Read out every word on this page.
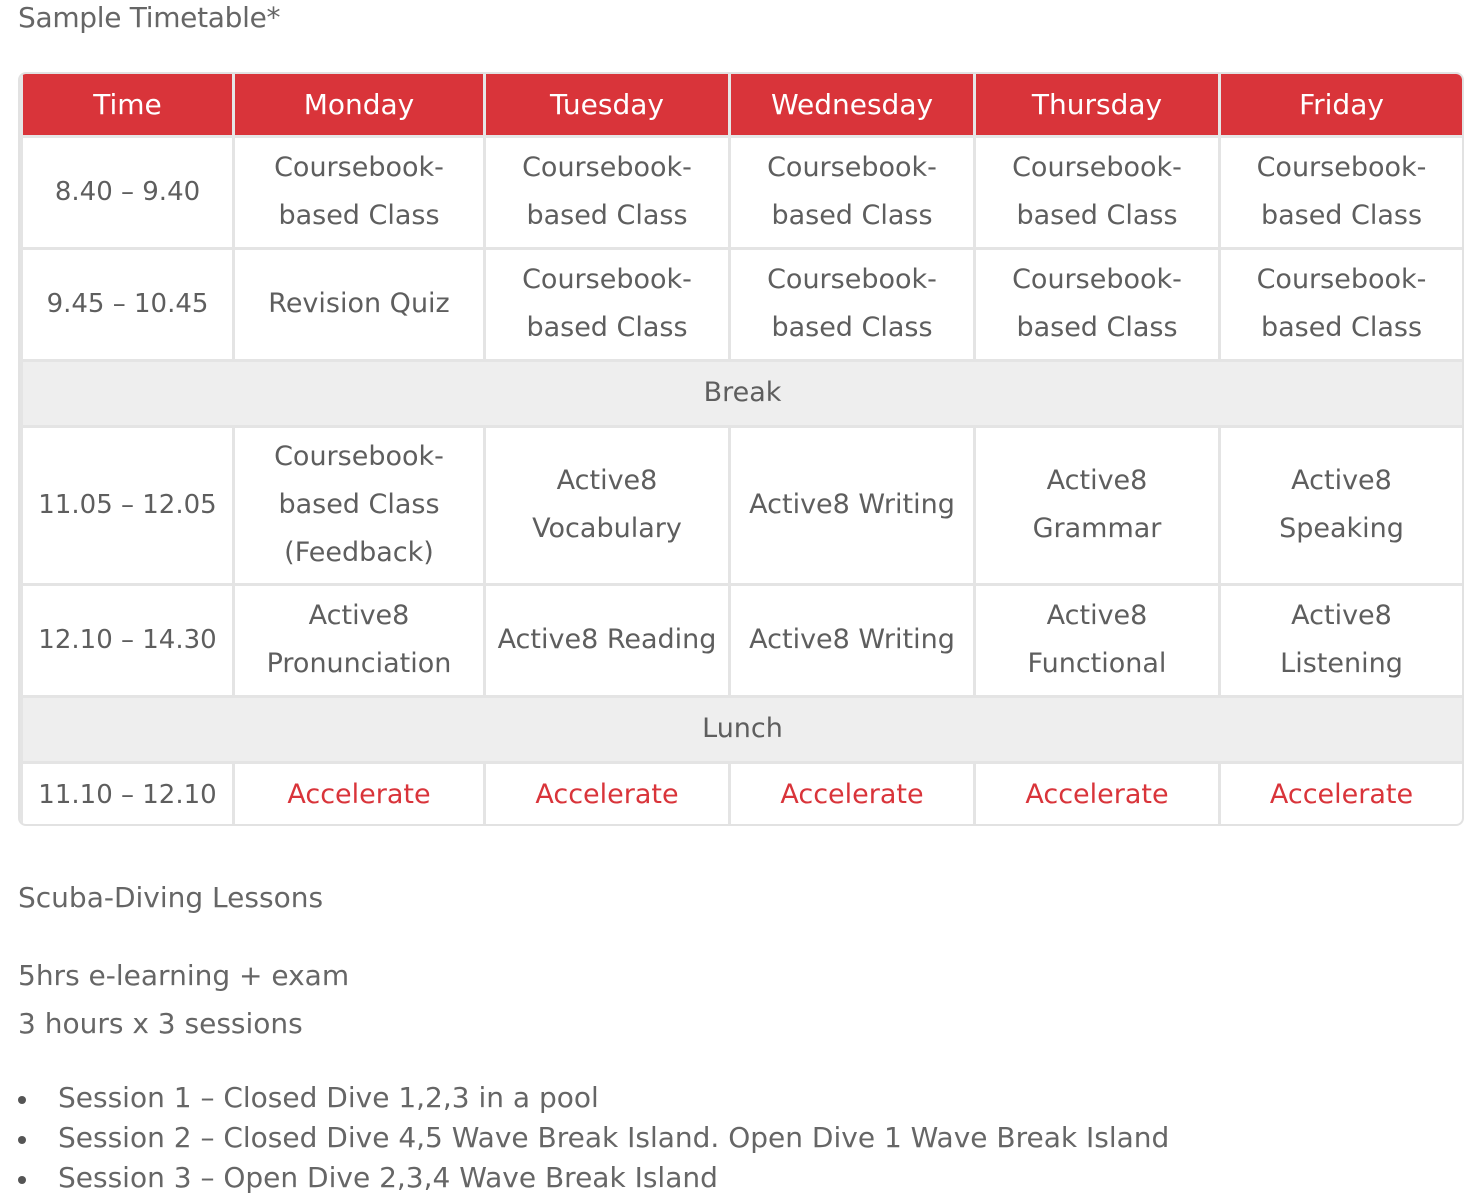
Sample Timetable*
Time	Monday	Tuesday	Wednesday	Thursday	Friday
8.40 – 9.40	Coursebook-based Class	Coursebook-based Class	Coursebook-based Class	Coursebook-based Class	Coursebook-based Class
9.45 – 10.45	Revision Quiz	Coursebook-based Class	Coursebook-based Class	Coursebook-based Class	Coursebook-based Class
Break					
11.05 – 12.05	Coursebook-based Class (Feedback)	Active8 Vocabulary	Active8 Writing	Active8 Grammar	Active8 Speaking
12.10 – 14.30	Active8 Pronunciation	Active8 Reading	Active8 Writing	Active8 Functional	Active8 Listening
Lunch					
11.10 – 12.10	Accelerate	Accelerate	Accelerate	Accelerate	Accelerate
Scuba-Diving Lessons
5hrs e-learning + exam
3 hours x 3 sessions
Session 1 – Closed Dive 1,2,3 in a pool
Session 2 – Closed Dive 4,5 Wave Break Island. Open Dive 1 Wave Break Island
Session 3 – Open Dive 2,3,4 Wave Break Island
